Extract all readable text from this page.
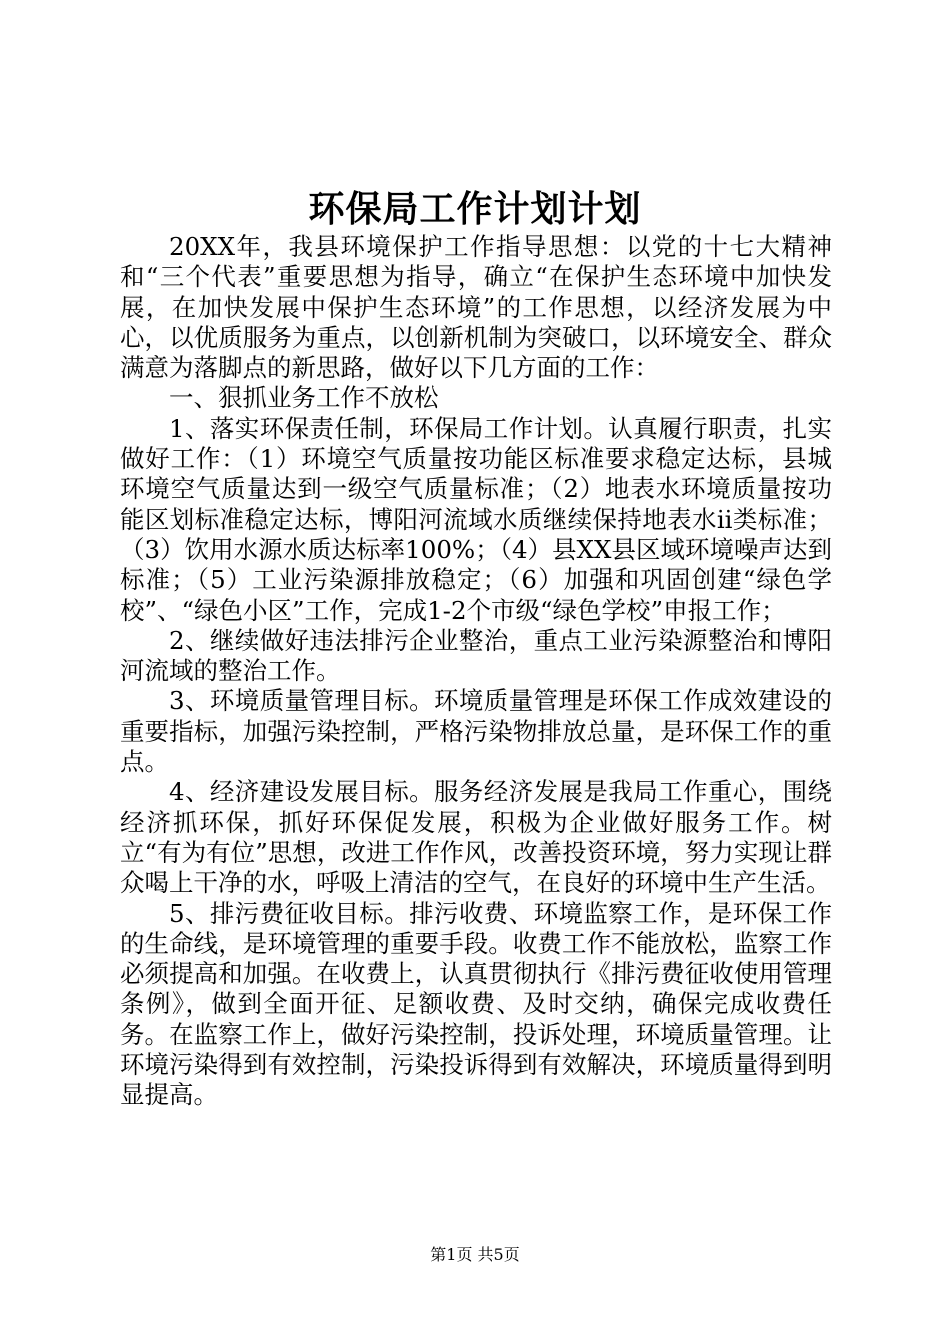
环保局工作计划计划

20XX年，我县环境保护工作指导思想：以党的十七大精神和“三个代表”重要思想为指导，确立“在保护生态环境中加快发展，在加快发展中保护生态环境”的工作思想，以经济发展为中心，以优质服务为重点，以创新机制为突破口，以环境安全、群众满意为落脚点的新思路，做好以下几方面的工作：

一、狠抓业务工作不放松

1、落实环保责任制，环保局工作计划。认真履行职责，扎实做好工作：（1）环境空气质量按功能区标准要求稳定达标，县城环境空气质量达到一级空气质量标准；（2）地表水环境质量按功能区划标准稳定达标，博阳河流域水质继续保持地表水ii类标准；（3）饮用水源水质达标率100%；（4）县XX县区域环境噪声达到标准；（5）工业污染源排放稳定；（6）加强和巩固创建“绿色学校”、“绿色小区”工作，完成1-2个市级“绿色学校”申报工作；

2、继续做好违法排污企业整治，重点工业污染源整治和博阳河流域的整治工作。

3、环境质量管理目标。环境质量管理是环保工作成效建设的重要指标，加强污染控制，严格污染物排放总量，是环保工作的重点。

4、经济建设发展目标。服务经济发展是我局工作重心，围绕经济抓环保，抓好环保促发展，积极为企业做好服务工作。树立“有为有位”思想，改进工作作风，改善投资环境，努力实现让群众喝上干净的水，呼吸上清洁的空气，在良好的环境中生产生活。

5、排污费征收目标。排污收费、环境监察工作，是环保工作的生命线，是环境管理的重要手段。收费工作不能放松，监察工作必须提高和加强。在收费上，认真贯彻执行《排污费征收使用管理条例》，做到全面开征、足额收费、及时交纳，确保完成收费任务。在监察工作上，做好污染控制，投诉处理，环境质量管理。让环境污染得到有效控制，污染投诉得到有效解决，环境质量得到明显提高。

第1页 共5页
